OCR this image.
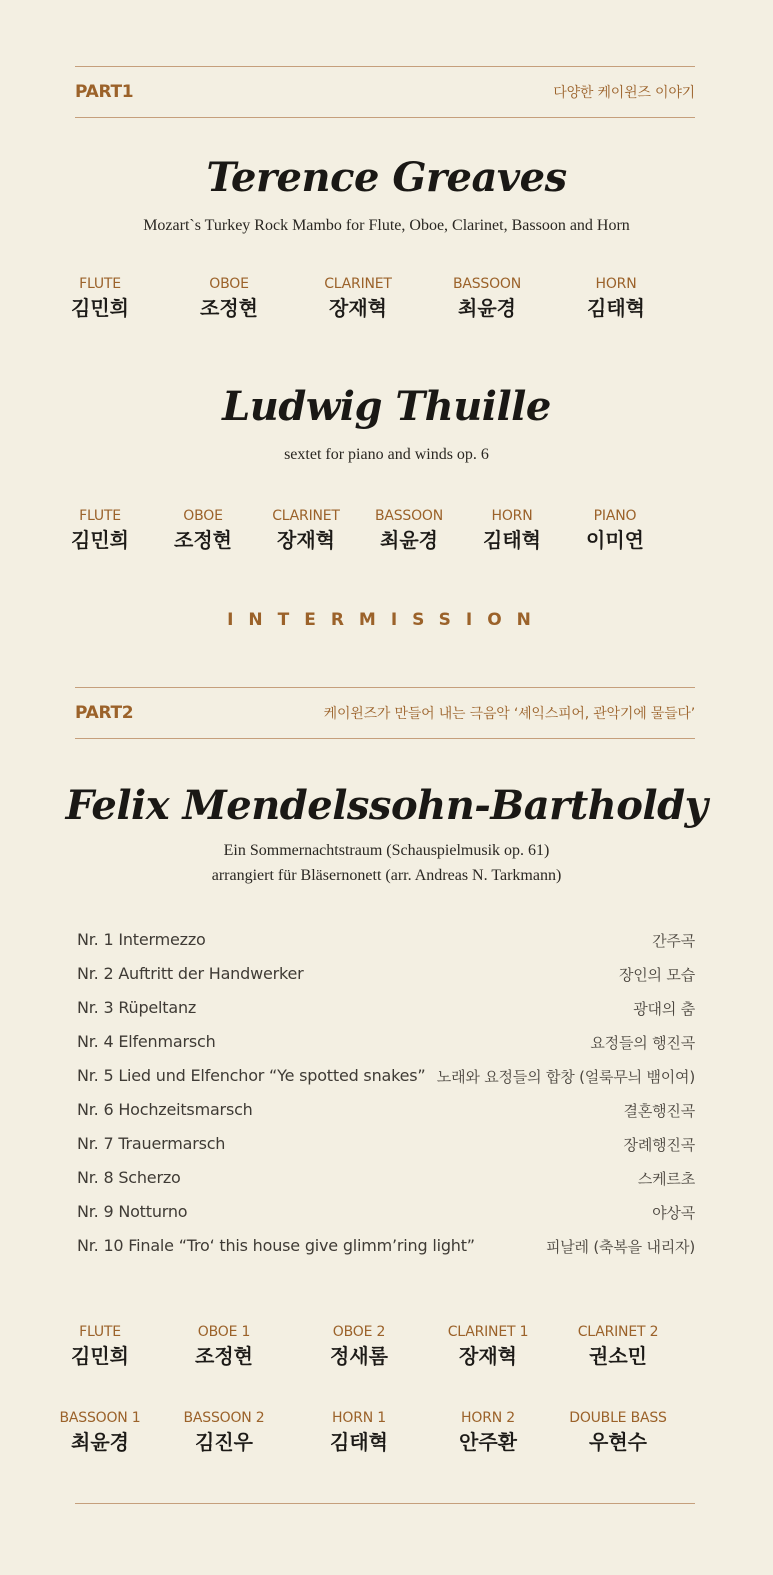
PART1	다양한 케이윈즈 이야기
Terence Greaves
Mozart`s Turkey Rock Mambo for Flute, Oboe, Clarinet, Bassoon and Horn
FLUTE
김민희
OBOE
조정현
CLARINET
장재혁
BASSOON
최윤경
HORN
김태혁
Ludwig Thuille
sextet for piano and winds op. 6
FLUTE
김민희
OBOE
조정현
CLARINET
장재혁
BASSOON
최윤경
HORN
김태혁
PIANO
이미연
INTERMISSION
PART2	케이윈즈가 만들어 내는 극음악 ‘셰익스피어, 관악기에 물들다’
Felix Mendelssohn-Bartholdy
Ein Sommernachtstraum (Schauspielmusik op. 61)
arrangiert für Bläsernonett (arr. Andreas N. Tarkmann)
Nr. 1 Intermezzo	간주곡
Nr. 2 Auftritt der Handwerker	장인의 모습
Nr. 3 Rüpeltanz	광대의 춤
Nr. 4 Elfenmarsch	요정들의 행진곡
Nr. 5 Lied und Elfenchor “Ye spotted snakes” 노래와 요정들의 합창 (얼룩무늬 뱀이여)
Nr. 6 Hochzeitsmarsch	결혼행진곡
Nr. 7 Trauermarsch	장례행진곡
Nr. 8 Scherzo	스케르초
Nr. 9 Notturno	야상곡
Nr. 10 Finale “Tro‘ this house give glimm’ring light”	피날레 (축복을 내리자)
FLUTE
김민희
OBOE 1
조정현
OBOE 2
정새롬
CLARINET 1
장재혁
CLARINET 2
권소민
BASSOON 1
최윤경
BASSOON 2
김진우
HORN 1
김태혁
HORN 2
안주환
DOUBLE BASS
우현수
